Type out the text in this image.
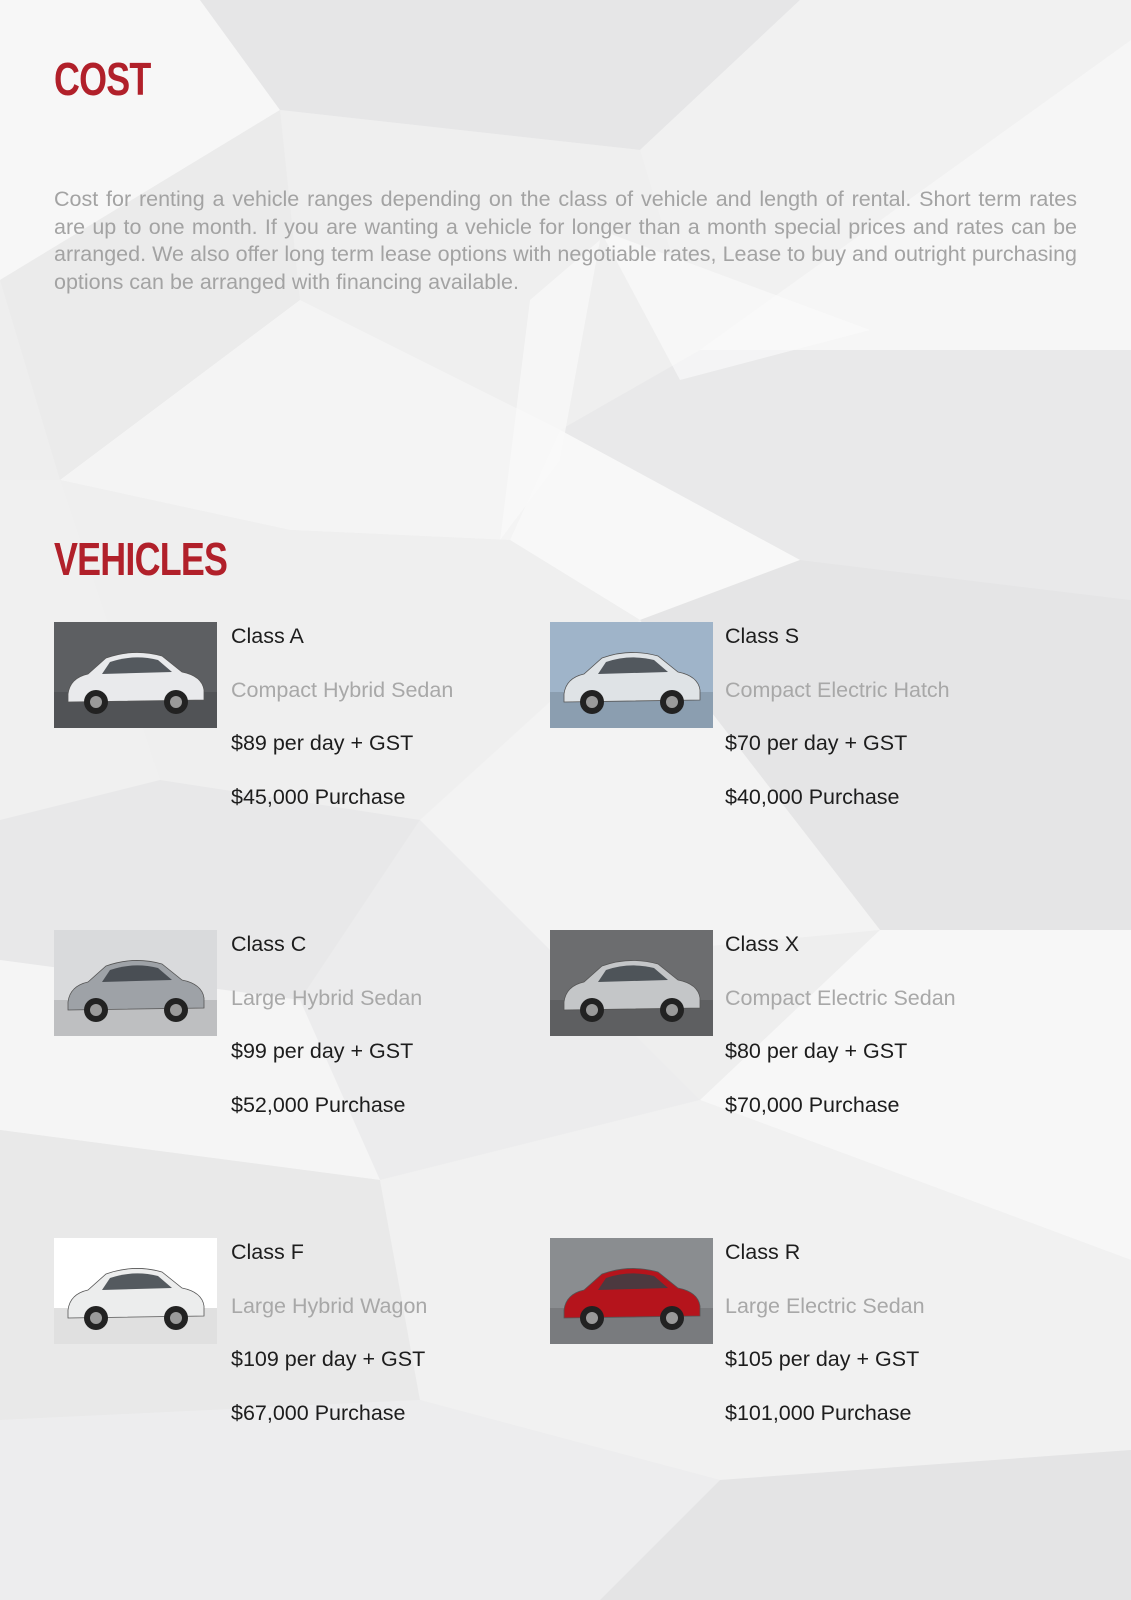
COST

Cost for renting a vehicle ranges depending on the class of vehicle and length of rental. Short term rates are up to one month. If you are wanting a vehicle for longer than a month special prices and rates can be arranged. We also offer long term lease options with negotiable rates, Lease to buy and outright purchasing options can be arranged with financing available.

VEHICLES
Class A
Compact Hybrid Sedan
$89 per day + GST
$45,000 Purchase
Class S
Compact Electric Hatch
$70 per day + GST
$40,000 Purchase
Class C
Large Hybrid Sedan
$99 per day + GST
$52,000 Purchase
Class X
Compact Electric Sedan
$80 per day + GST
$70,000 Purchase
Class F
Large Hybrid Wagon
$109 per day + GST
$67,000 Purchase
Class R
Large Electric Sedan
$105 per day + GST
$101,000 Purchase
